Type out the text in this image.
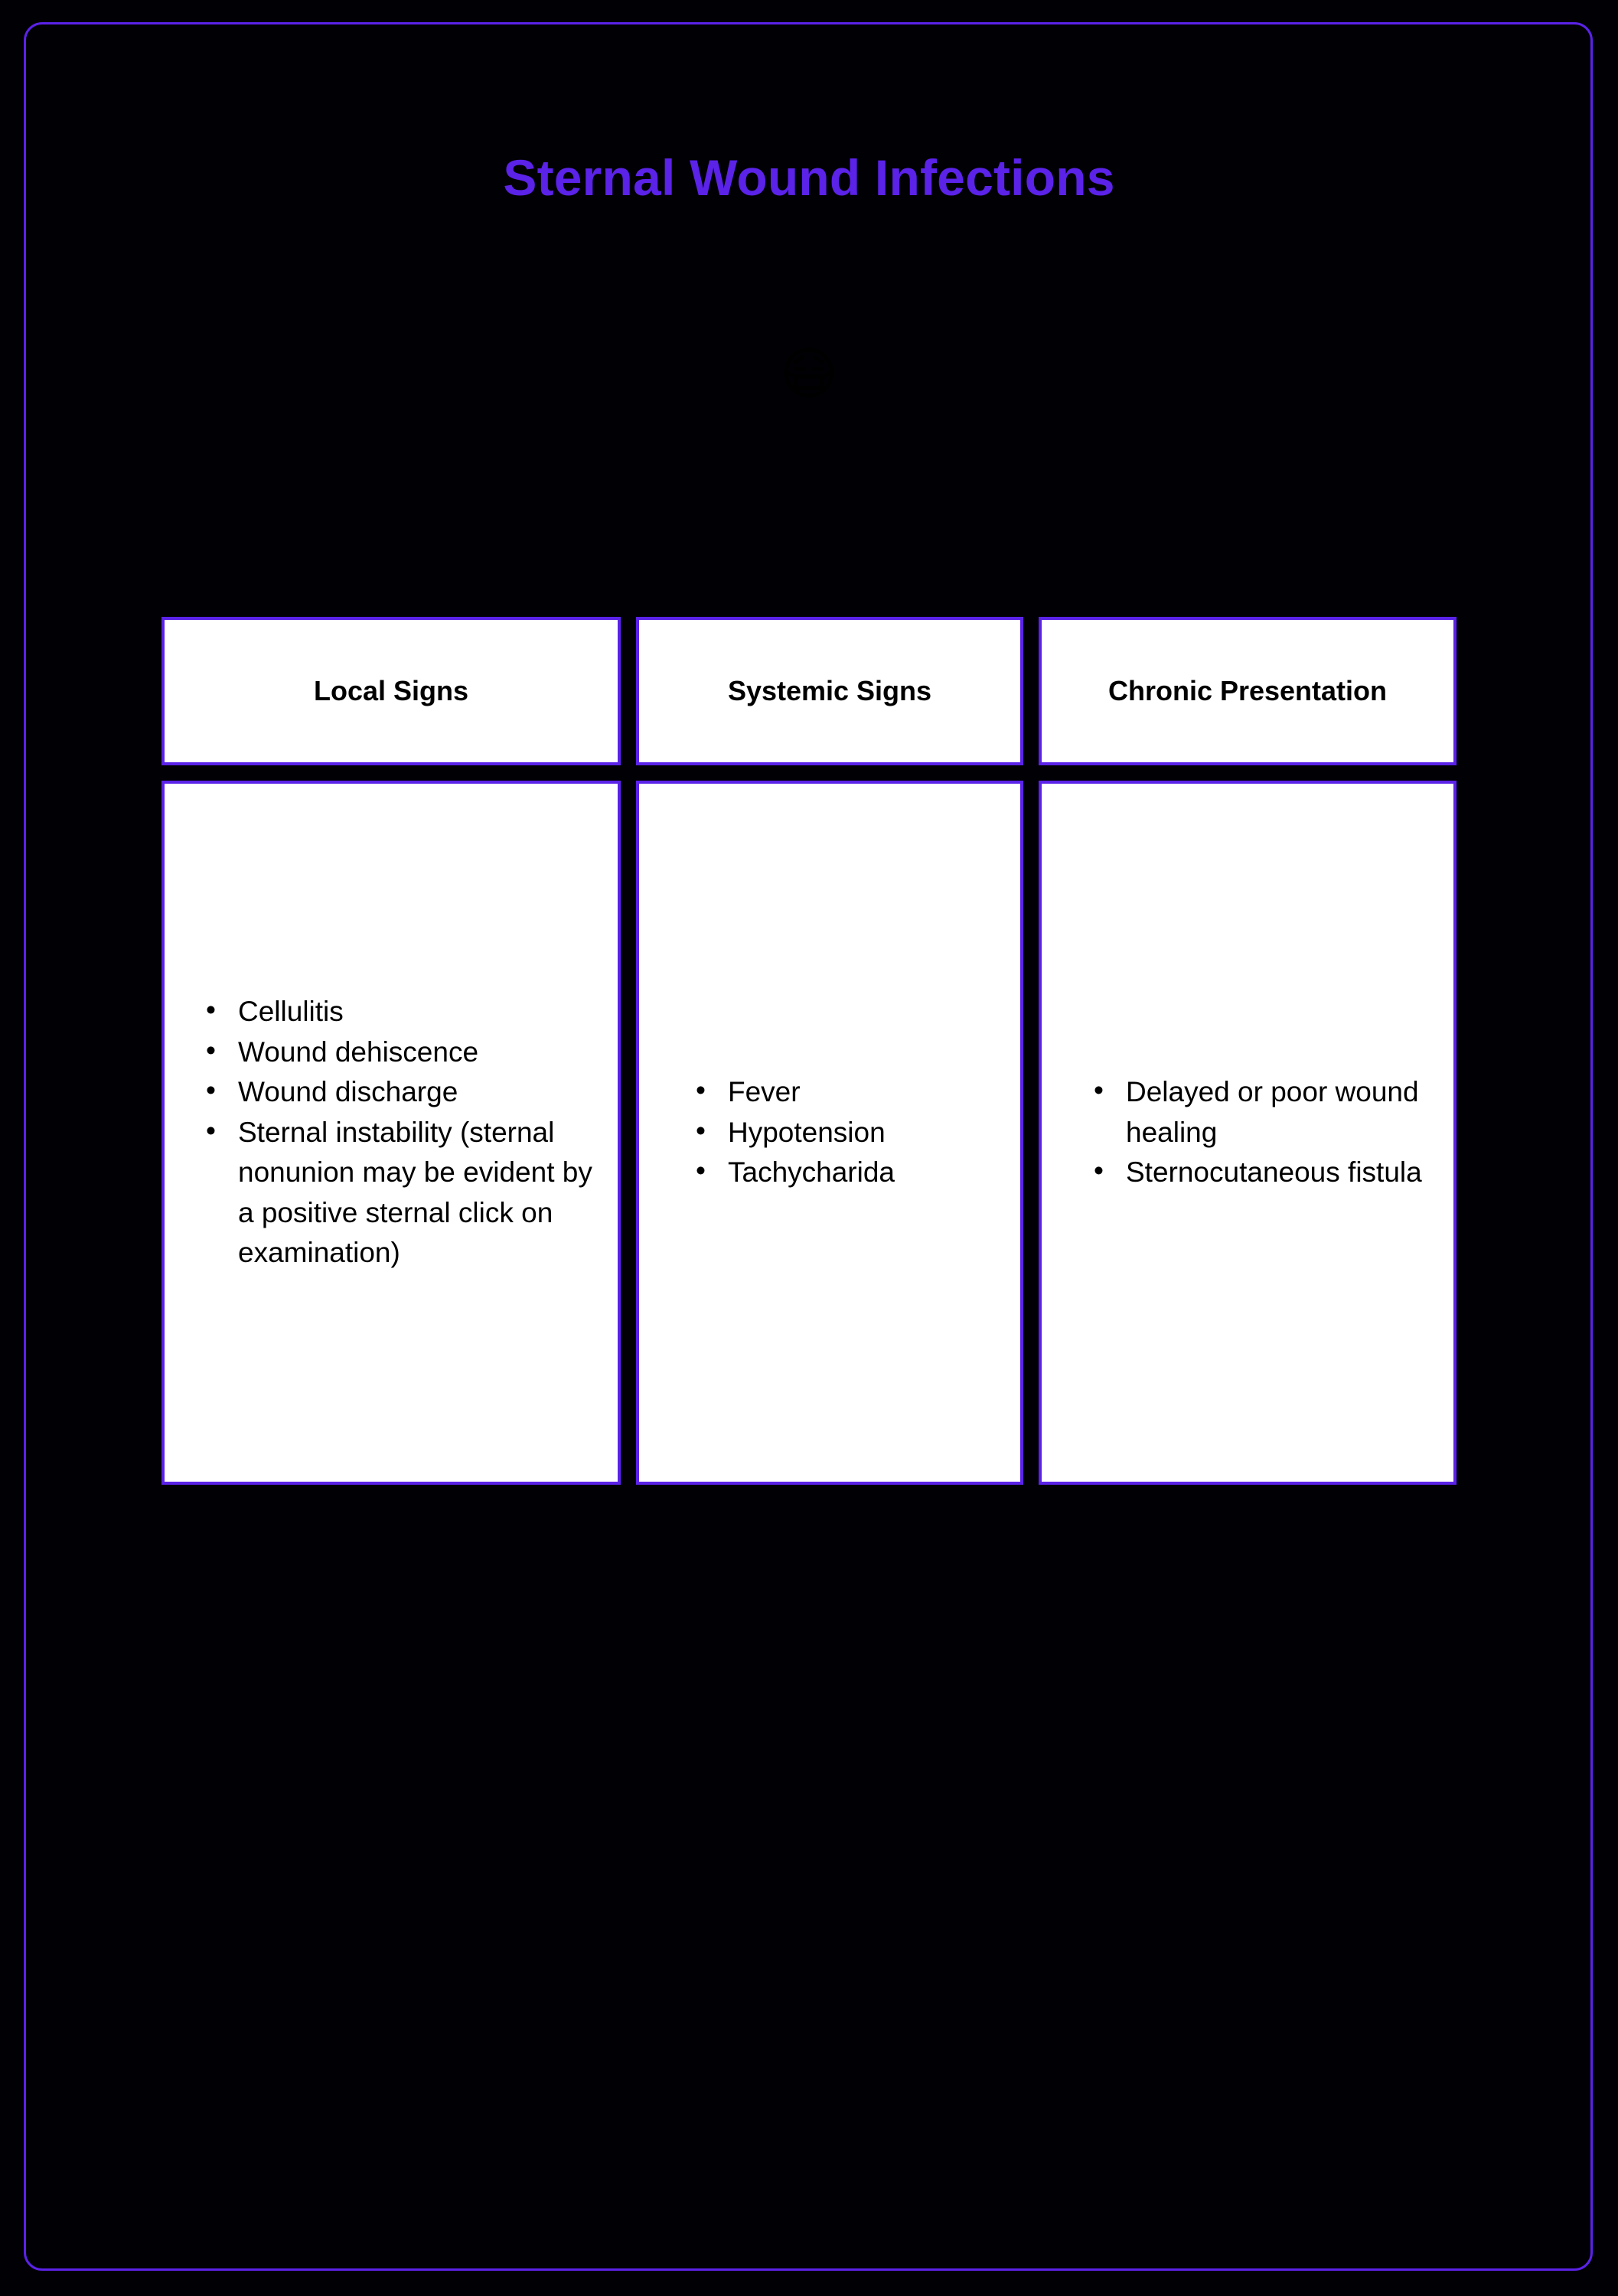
Sternal Wound Infections
😷
Local Signs	Systemic Signs	Chronic Presentation
• Cellulitis
• Wound dehiscence
• Wound discharge
• Sternal instability (sternal nonunion may be evident by a positive sternal click on examination)
• Fever
• Hypotension
• Tachycharida
• Delayed or poor wound healing
• Sternocutaneous fistula
